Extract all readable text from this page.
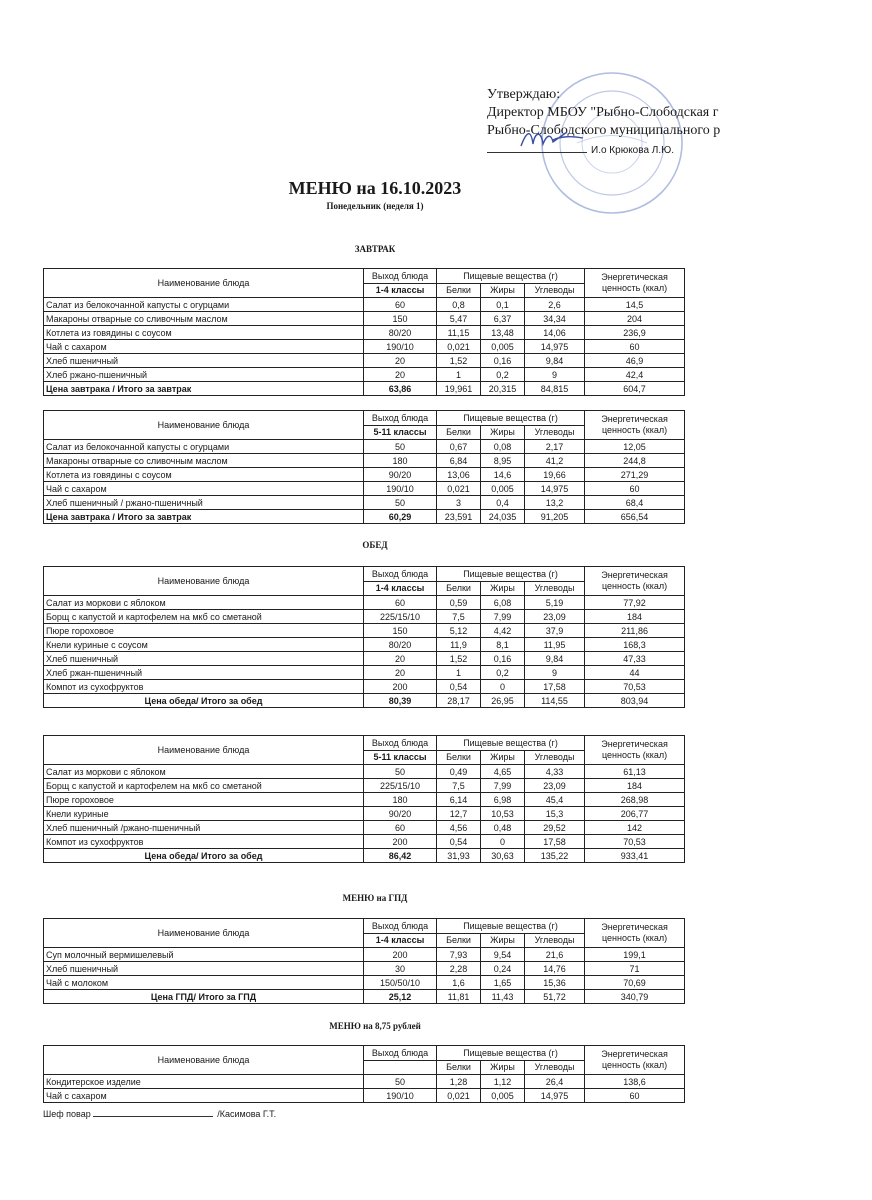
Утверждаю:
Директор МБОУ "Рыбно-Слободская г
Рыбно-Слободского муниципального р
И.о Крюкова Л.Ю.
МЕНЮ на 16.10.2023
Понедельник (неделя 1)
ЗАВТРАК
ОБЕД
МЕНЮ на ГПД
МЕНЮ на 8,75 рублей
Наименование блюда	Выход блюда	Пищевые вещества (г)			Энергетическая ценность (ккал)
	1-4 классы	Белки	Жиры	Углеводы	
Салат из белокочанной капусты с огурцами	60	0,8	0,1	2,6	14,5
Макароны отварные со сливочным маслом	150	5,47	6,37	34,34	204
Котлета из говядины с соусом	80/20	11,15	13,48	14,06	236,9
Чай с сахаром	190/10	0,021	0,005	14,975	60
Хлеб пшеничный	20	1,52	0,16	9,84	46,9
Хлеб ржано-пшеничный	20	1	0,2	9	42,4
Цена завтрака / Итого за завтрак	63,86	19,961	20,315	84,815	604,7
Наименование блюда	Выход блюда	Пищевые вещества (г)			Энергетическая ценность (ккал)
	5-11 классы	Белки	Жиры	Углеводы	
Салат из белокочанной капусты с огурцами	50	0,67	0,08	2,17	12,05
Макароны отварные со сливочным маслом	180	6,84	8,95	41,2	244,8
Котлета из говядины с соусом	90/20	13,06	14,6	19,66	271,29
Чай с сахаром	190/10	0,021	0,005	14,975	60
Хлеб пшеничный / ржано-пшеничный	50	3	0,4	13,2	68,4
Цена завтрака / Итого за завтрак	60,29	23,591	24,035	91,205	656,54
Наименование блюда	Выход блюда	Пищевые вещества (г)			Энергетическая ценность (ккал)
	1-4 классы	Белки	Жиры	Углеводы	
Салат из моркови с яблоком	60	0,59	6,08	5,19	77,92
Борщ с капустой и картофелем на мкб со сметаной	225/15/10	7,5	7,99	23,09	184
Пюре гороховое	150	5,12	4,42	37,9	211,86
Кнели куриные с соусом	80/20	11,9	8,1	11,95	168,3
Хлеб пшеничный	20	1,52	0,16	9,84	47,33
Хлеб ржан-пшеничный	20	1	0,2	9	44
Компот из сухофруктов	200	0,54	0	17,58	70,53
Цена обеда/ Итого за обед	80,39	28,17	26,95	114,55	803,94
Наименование блюда	Выход блюда	Пищевые вещества (г)			Энергетическая ценность (ккал)
	5-11 классы	Белки	Жиры	Углеводы	
Салат из моркови с яблоком	50	0,49	4,65	4,33	61,13
Борщ с капустой и картофелем на мкб со сметаной	225/15/10	7,5	7,99	23,09	184
Пюре гороховое	180	6,14	6,98	45,4	268,98
Кнели куриные	90/20	12,7	10,53	15,3	206,77
Хлеб пшеничный /ржано-пшеничный	60	4,56	0,48	29,52	142
Компот из сухофруктов	200	0,54	0	17,58	70,53
Цена обеда/ Итого за обед	86,42	31,93	30,63	135,22	933,41
Наименование блюда	Выход блюда	Пищевые вещества (г)			Энергетическая ценность (ккал)
	1-4 классы	Белки	Жиры	Углеводы	
Суп молочный вермишелевый	200	7,93	9,54	21,6	199,1
Хлеб пшеничный	30	2,28	0,24	14,76	71
Чай с молоком	150/50/10	1,6	1,65	15,36	70,69
Цена ГПД/ Итого за ГПД	25,12	11,81	11,43	51,72	340,79
Наименование блюда	Выход блюда	Пищевые вещества (г)			Энергетическая ценность (ккал)
		Белки	Жиры	Углеводы	
Кондитерское изделие	50	1,28	1,12	26,4	138,6
Чай с сахаром	190/10	0,021	0,005	14,975	60
Шеф повар	/Касимова Г.Т.
